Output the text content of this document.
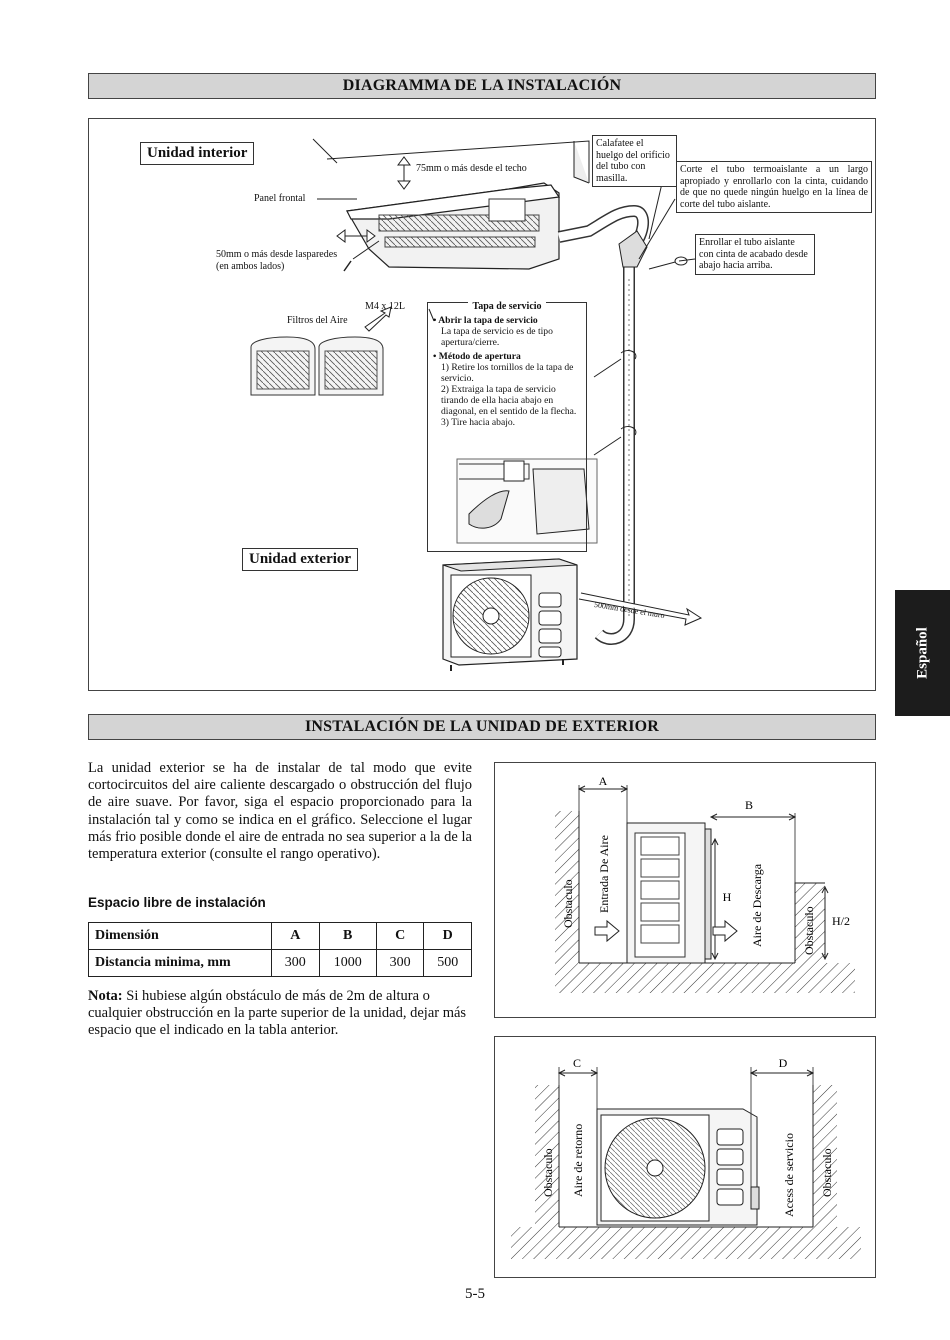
DIAGRAMMA DE LA INSTALACIÓN
Unidad interior
Unidad exterior
75mm o más desde el techo
Panel frontal
50mm o más desde lasparedes
(en ambos lados)
Filtros del Aire
M4 x 12L
Calafatee el huelgo del orificio del tubo con masilla.
Corte el tubo termoaislante a un largo apropiado y enrollarlo con la cinta, cuidando de que no quede ningún huelgo en la línea de corte del tubo aislante.
Enrollar el tubo aislante con cinta de acabado desde abajo hacia arriba.
500mm desde el muro
Tapa de servicio
• Abrir la tapa de servicio
La tapa de servicio es de tipo apertura/cierre.
• Método de apertura
1) Retire los tornillos de la tapa de servicio.
2) Extraiga la tapa de servicio tirando de ella hacia abajo en diagonal, en el sentido de la flecha.
3) Tire hacia abajo.
Español
INSTALACIÓN DE LA UNIDAD DE EXTERIOR
La unidad exterior se ha de instalar de tal modo que evite cortocircuitos del aire caliente descargado o obstrucción del flujo de aire suave. Por favor, siga el espacio proporcionado para la instalación tal y como se indica en el gráfico. Seleccione el lugar más frio posible donde el aire de entrada no sea superior a la de la temperatura exterior (consulte el rango operativo).
Espacio libre de instalación
Dimensión	A	B	C	D
Distancia minima, mm	300	1000	300	500
Nota: Si hubiese algún obstáculo de más de 2m de altura o cualquier obstrucción en la parte superior de la unidad, dejar más espacio que el indicado en la tabla anterior.
A
B
H
H/2
Obstaculo Entrada De Aire	Aire de Descarga	Obstaculo
C	D
Obstaculo Aire de retorno	Acess de servicio Obstaculo
5-5
